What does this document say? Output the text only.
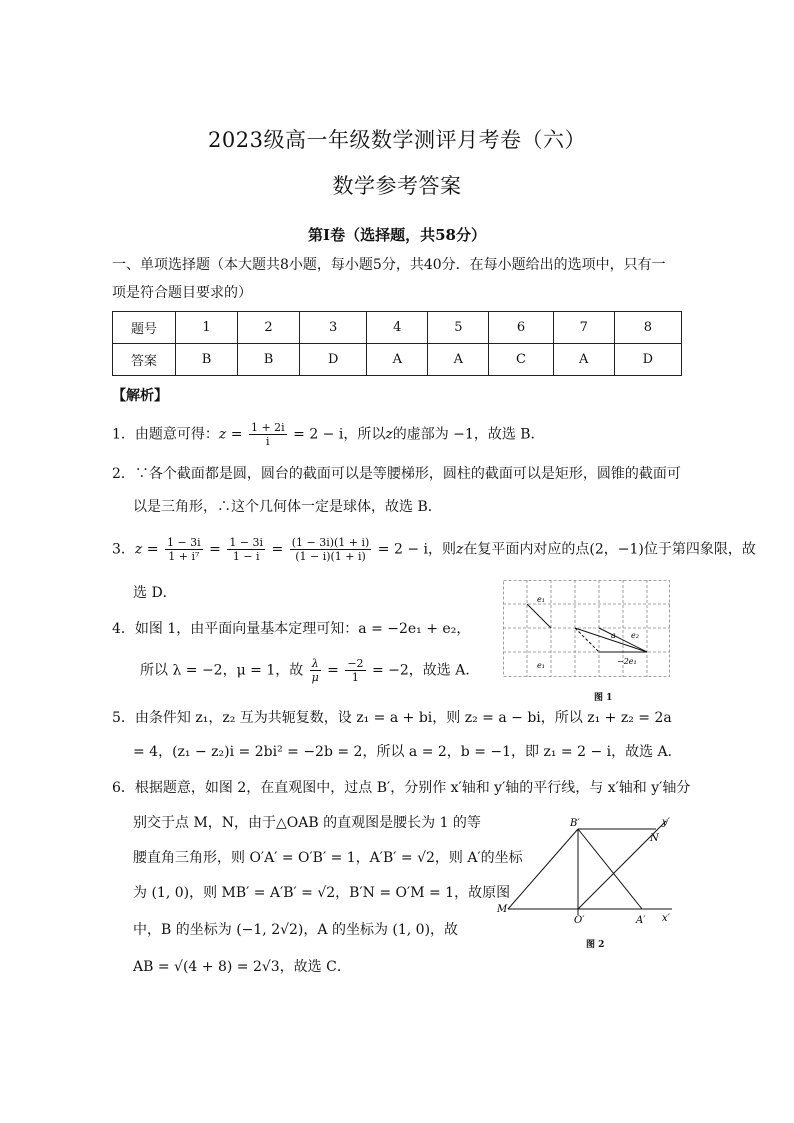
2023级高一年级数学测评月考卷（六）
数学参考答案
第Ⅰ卷（选择题，共58分）
一、单项选择题（本大题共8小题，每小题5分，共40分．在每小题给出的选项中，只有一
项是符合题目要求的）
题号	1	2	3	4	5	6	7	8
答案	B	B	D	A	A	C	A	D
【解析】
1．由题意可得：$z = \frac{1 + 2i}{i} = 2 - i$，所以z的虚部为 −1，故选 B．
2．∵各个截面都是圆，圆台的截面可以是等腰梯形，圆柱的截面可以是矩形，圆锥的截面可
以是三角形，∴这个几何体一定是球体，故选 B．
3．$z = \frac{1 - 3i}{\text{1 + i⁷}} = \frac{1 - 3i}{1 - i} = \frac{(1 - 3i)(1 + i)}{(1 - i)(1 + i)} = 2 - i$，则z在复平面内对应的点(2，−1)位于第四象限，故
选 D．
4．如图 1，由平面向量基本定理可知：a = −2e₁ + e₂，
所以 λ = −2，μ = 1，故 $\frac{\lambda}{\mu} = \frac{-2}{1} = -2$，故选 A．
e₁
e₁
a e₂
−2e₁
图 1
5．由条件知 z₁，z₂ 互为共轭复数，设 z₁ = a + bi，则 z₂ = a − bi，所以 z₁ + z₂ = 2a
= 4，(z₁ − z₂)i = 2bi² = −2b = 2，所以 a = 2，b = −1，即 z₁ = 2 − i，故选 A．
6．根据题意，如图 2，在直观图中，过点 B′，分别作 x′轴和 y′轴的平行线，与 x′轴和 y′轴分
别交于点 M，N，由于△OAB 的直观图是腰长为 1 的等
腰直角三角形，则 O′A′ = O′B′ = 1，A′B′ = √2，则 A′的坐标
为 (1, 0)，则 MB′ = A′B′ = √2，B′N = O′M = 1，故原图
中，B 的坐标为 (−1, 2√2)，A 的坐标为 (1, 0)，故
AB = √(4 + 8) = 2√3，故选 C．
B′	y′
N
M
O′	A′ x′
图 2
